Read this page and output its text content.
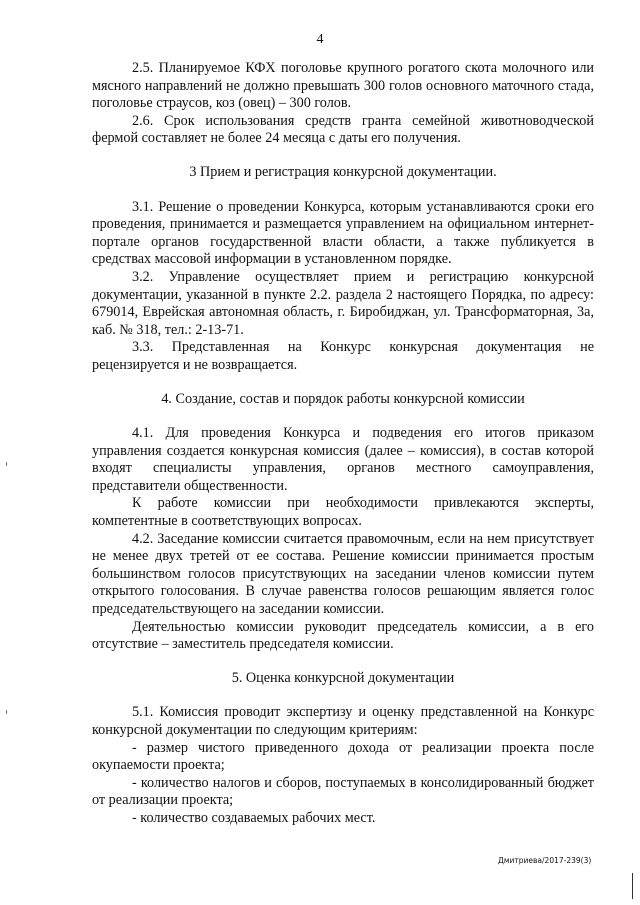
4

2.5. Планируемое КФХ поголовье крупного рогатого скота молочного или мясного направлений не должно превышать 300 голов основного маточного стада, поголовье страусов, коз (овец) – 300 голов.

2.6. Срок использования средств гранта семейной животноводческой фермой составляет не более 24 месяца с даты его получения.

3 Прием и регистрация конкурсной документации.

3.1. Решение о проведении Конкурса, которым устанавливаются сроки его проведения, принимается и размещается управлением на официальном интернет-портале органов государственной власти области, а также публикуется в средствах массовой информации в установленном порядке.

3.2. Управление осуществляет прием и регистрацию конкурсной документации, указанной в пункте 2.2. раздела 2 настоящего Порядка, по адресу: 679014, Еврейская автономная область, г. Биробиджан, ул. Трансформаторная, 3а, каб. № 318, тел.: 2-13-71.

3.3. Представленная на Конкурс конкурсная документация не рецензируется и не возвращается.

4. Создание, состав и порядок работы конкурсной комиссии

4.1. Для проведения Конкурса и подведения его итогов приказом управления создается конкурсная комиссия (далее – комиссия), в состав которой входят специалисты управления, органов местного самоуправления, представители общественности.

К работе комиссии при необходимости привлекаются эксперты, компетентные в соответствующих вопросах.

4.2. Заседание комиссии считается правомочным, если на нем присутствует не менее двух третей от ее состава. Решение комиссии принимается простым большинством голосов присутствующих на заседании членов комиссии путем открытого голосования. В случае равенства голосов решающим является голос председательствующего на заседании комиссии.

Деятельностью комиссии руководит председатель комиссии, а в его отсутствие – заместитель председателя комиссии.

5. Оценка конкурсной документации

5.1. Комиссия проводит экспертизу и оценку представленной на Конкурс конкурсной документации по следующим критериям:

- размер чистого приведенного дохода от реализации проекта после окупаемости проекта;

- количество налогов и сборов, поступаемых в консолидированный бюджет от реализации проекта;

- количество создаваемых рабочих мест.

Дмитриева/2017-239(3)
